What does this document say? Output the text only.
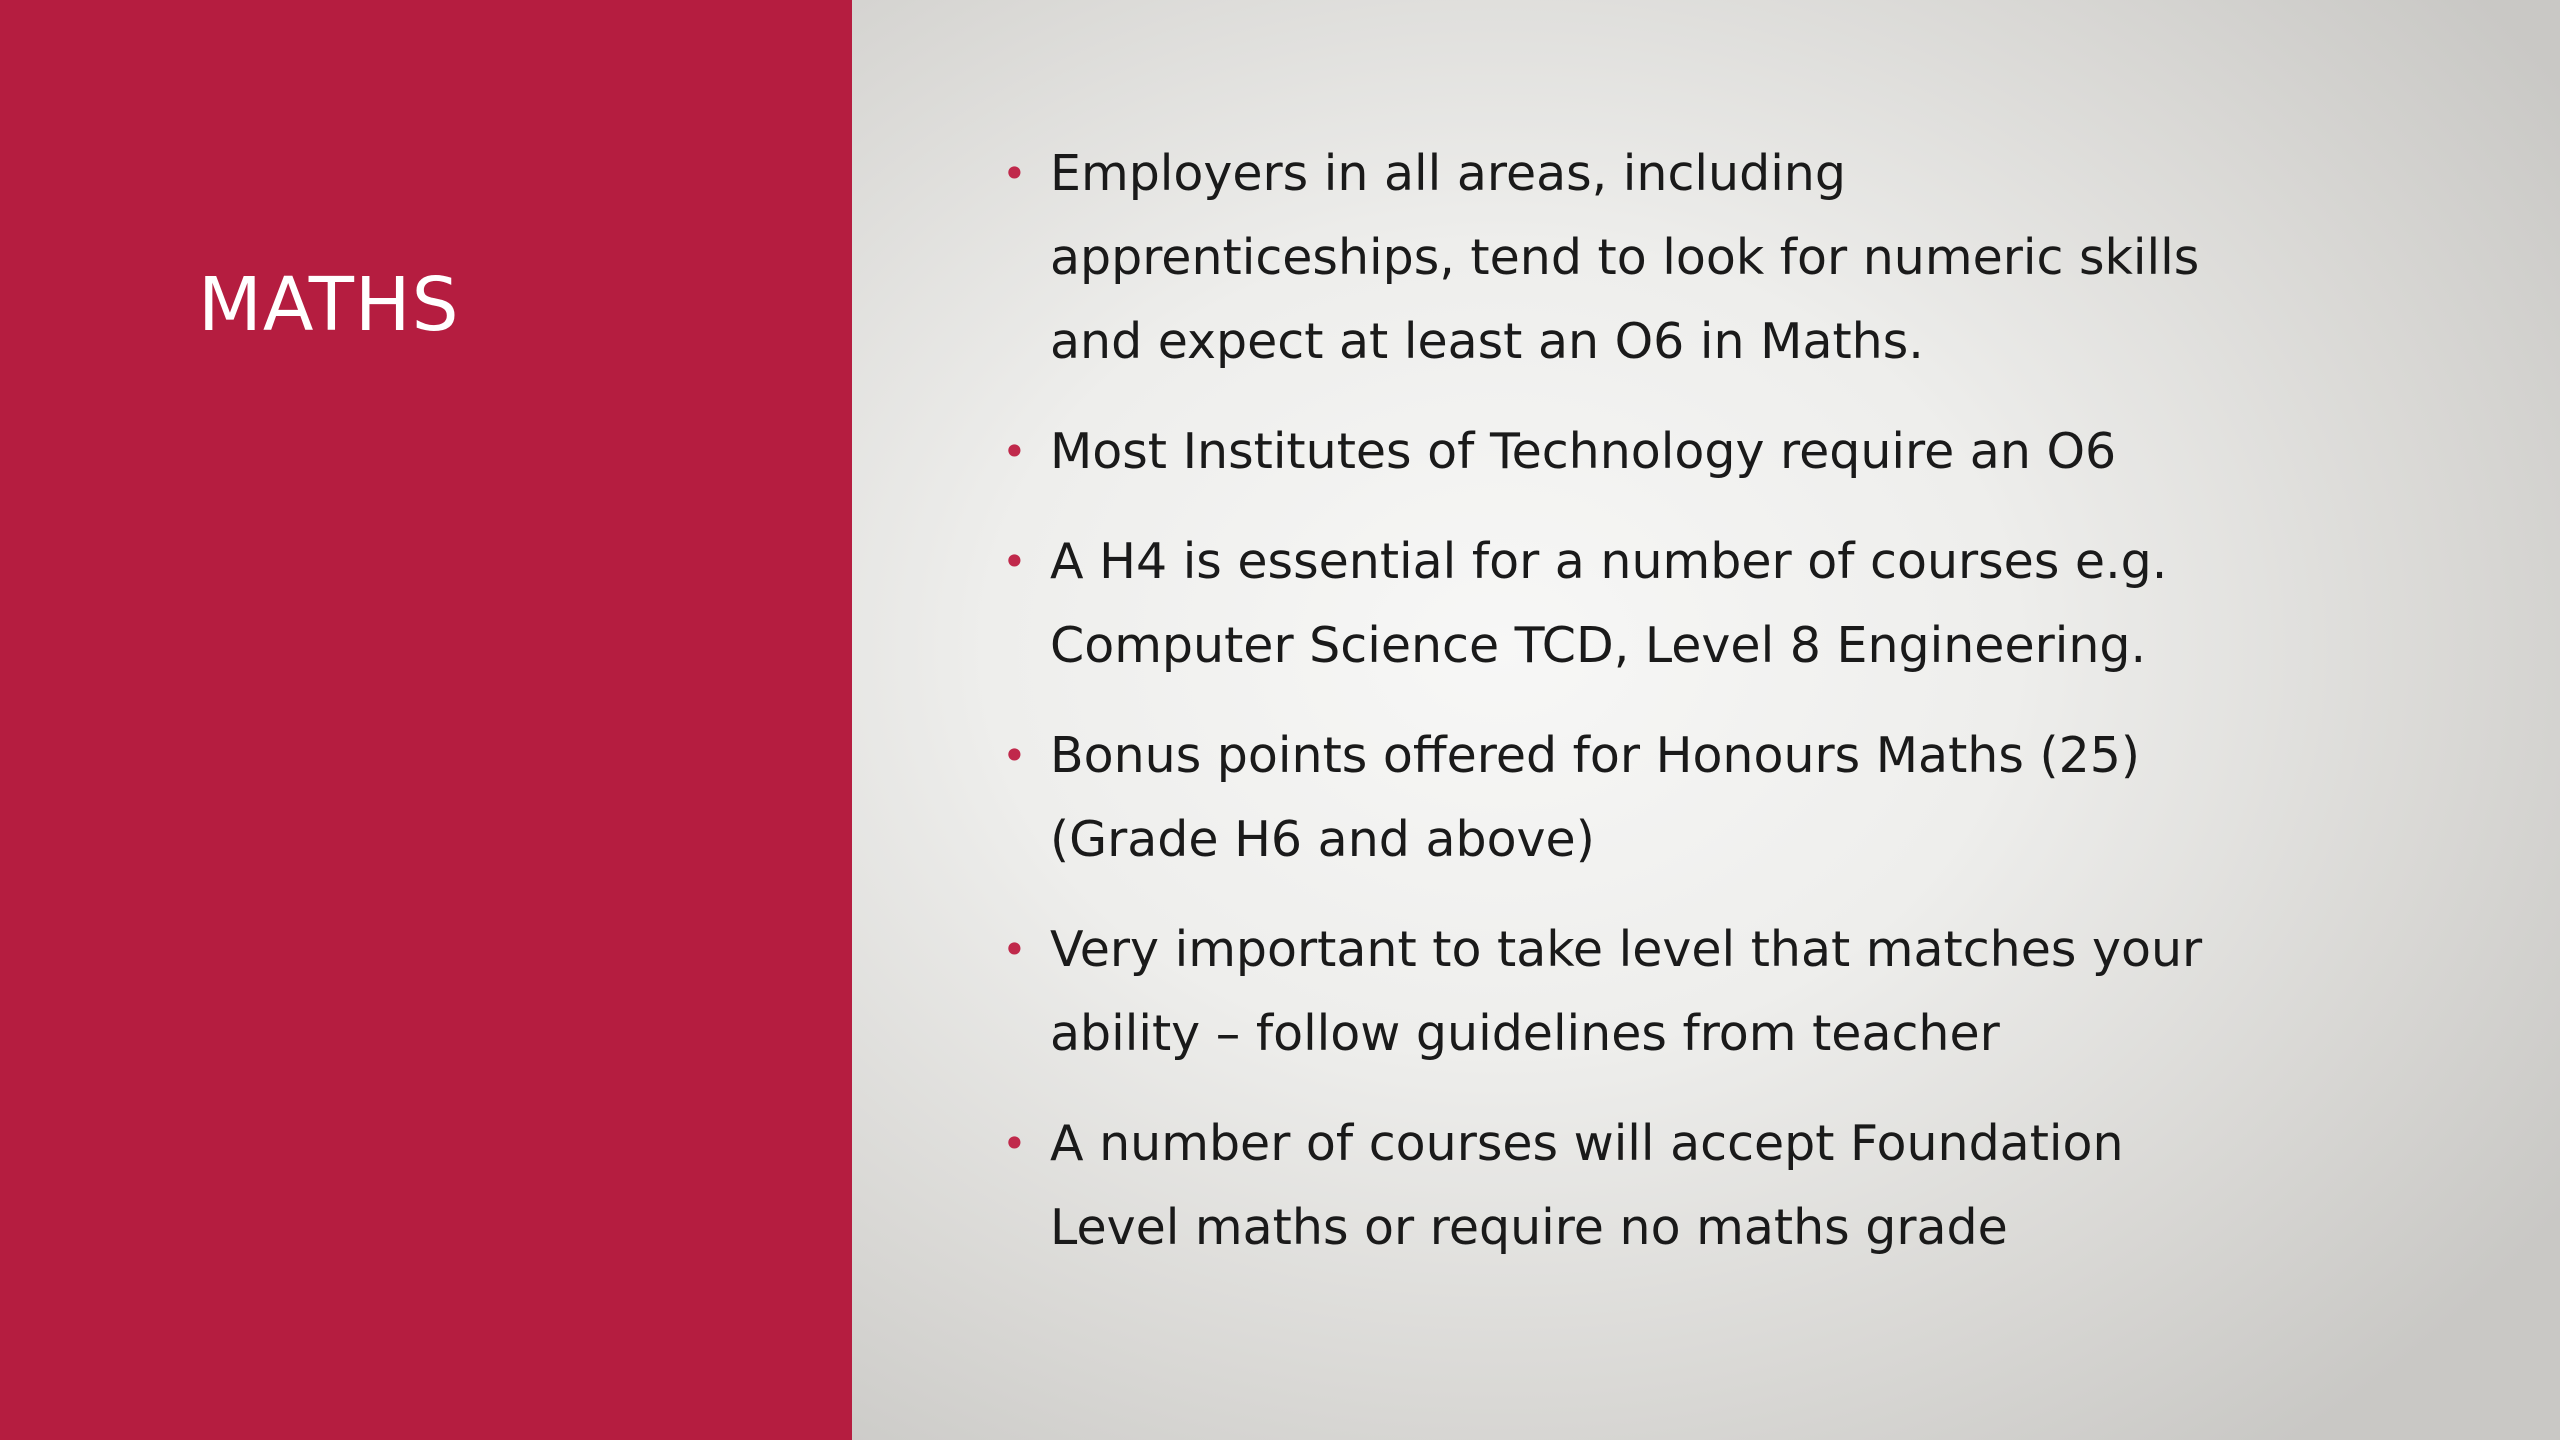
MATHS
• Employers in all areas, including apprenticeships, tend to look for numeric skills and expect at least an O6 in Maths.
• Most Institutes of Technology require an O6
• A H4 is essential for a number of courses e.g. Computer Science TCD, Level 8 Engineering.
• Bonus points offered for Honours Maths (25) (Grade H6 and above)
• Very important to take level that matches your ability – follow guidelines from teacher
• A number of courses will accept Foundation Level maths or require no maths grade
